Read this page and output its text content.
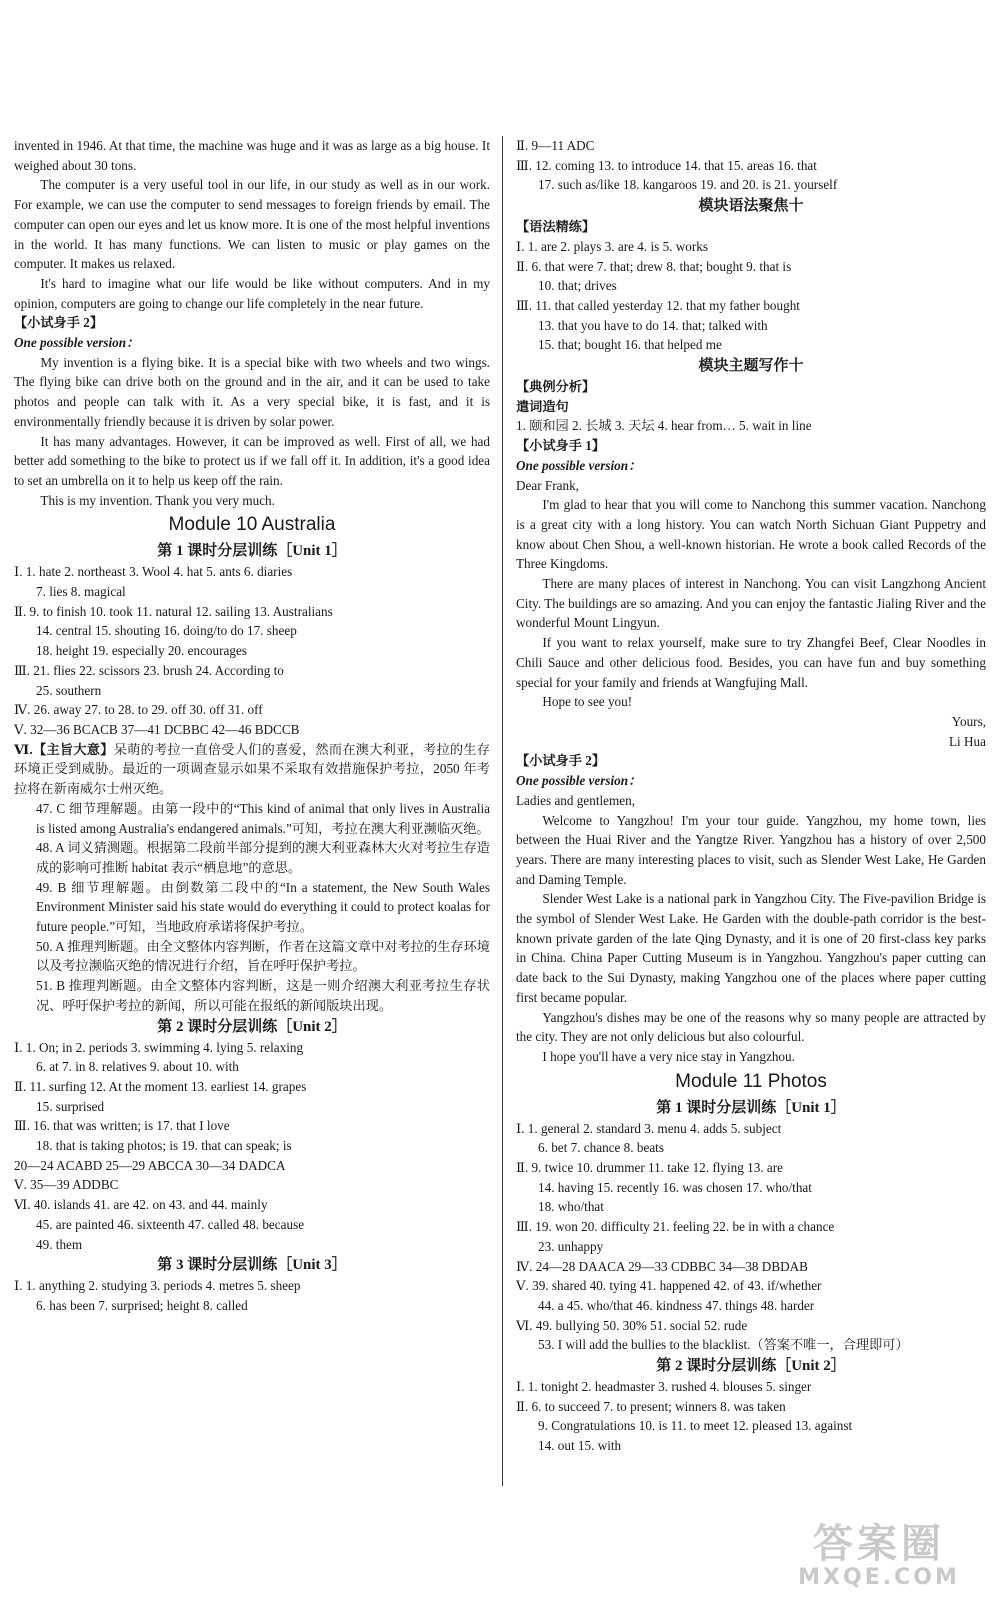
invented in 1946. At that time, the machine was huge and it was as large as a big house. It weighed about 30 tons.

The computer is a very useful tool in our life, in our study as well as in our work. For example, we can use the computer to send messages to foreign friends by email. The computer can open our eyes and let us know more. It is one of the most helpful inventions in the world. It has many functions. We can listen to music or play games on the computer. It makes us relaxed.

It's hard to imagine what our life would be like without computers. And in my opinion, computers are going to change our life completely in the near future.

【小试身手 2】
One possible version：

My invention is a flying bike. It is a special bike with two wheels and two wings. The flying bike can drive both on the ground and in the air, and it can be used to take photos and people can talk with it. As a very special bike, it is fast, and it is environmentally friendly because it is driven by solar power.

It has many advantages. However, it can be improved as well. First of all, we had better add something to the bike to protect us if we fall off it. In addition, it's a good idea to set an umbrella on it to help us keep off the rain.

This is my invention. Thank you very much.

Module 10 Australia
第 1 课时分层训练［Unit 1］
Ⅰ. 1. hate 2. northeast 3. Wool 4. hat 5. ants 6. diaries
7. lies 8. magical
Ⅱ. 9. to finish 10. took 11. natural 12. sailing 13. Australians
14. central 15. shouting 16. doing/to do 17. sheep
18. height 19. especially 20. encourages
Ⅲ. 21. flies 22. scissors 23. brush 24. According to
25. southern
Ⅳ. 26. away 27. to 28. to 29. off 30. off 31. off
Ⅴ. 32—36 BCACB 37—41 DCBBC 42—46 BDCCB

Ⅵ.【主旨大意】呆萌的考拉一直倍受人们的喜爱，然而在澳大利亚，考拉的生存环境正受到威胁。最近的一项调查显示如果不采取有效措施保护考拉，2050 年考拉将在新南威尔士州灭绝。

47. C 细节理解题。由第一段中的“This kind of animal that only lives in Australia is listed among Australia's endangered animals.”可知，考拉在澳大利亚濒临灭绝。

48. A 词义猜测题。根据第二段前半部分提到的澳大利亚森林大火对考拉生存造成的影响可推断 habitat 表示“栖息地”的意思。

49. B 细节理解题。由倒数第二段中的“In a statement, the New South Wales Environment Minister said his state would do everything it could to protect koalas for future people.”可知，当地政府承诺将保护考拉。

50. A 推理判断题。由全文整体内容判断，作者在这篇文章中对考拉的生存环境以及考拉濒临灭绝的情况进行介绍，旨在呼吁保护考拉。

51. B 推理判断题。由全文整体内容判断，这是一则介绍澳大利亚考拉生存状况、呼吁保护考拉的新闻，所以可能在报纸的新闻版块出现。

第 2 课时分层训练［Unit 2］
Ⅰ. 1. On; in 2. periods 3. swimming 4. lying 5. relaxing
6. at 7. in 8. relatives 9. about 10. with
Ⅱ. 11. surfing 12. At the moment 13. earliest 14. grapes
15. surprised
Ⅲ. 16. that was written; is 17. that I love
18. that is taking photos; is 19. that can speak; is
20—24 ACABD 25—29 ABCCA 30—34 DADCA
Ⅴ. 35—39 ADDBC
Ⅵ. 40. islands 41. are 42. on 43. and 44. mainly
45. are painted 46. sixteenth 47. called 48. because
49. them
第 3 课时分层训练［Unit 3］
Ⅰ. 1. anything 2. studying 3. periods 4. metres 5. sheep
6. has been 7. surprised; height 8. called
Ⅱ. 9—11 ADC
Ⅲ. 12. coming 13. to introduce 14. that 15. areas 16. that
17. such as/like 18. kangaroos 19. and 20. is 21. yourself
模块语法聚焦十
【语法精练】
Ⅰ. 1. are 2. plays 3. are 4. is 5. works
Ⅱ. 6. that were 7. that; drew 8. that; bought 9. that is
10. that; drives
Ⅲ. 11. that called yesterday 12. that my father bought
13. that you have to do 14. that; talked with
15. that; bought 16. that helped me
模块主题写作十
【典例分析】
遣词造句
1. 颐和园 2. 长城 3. 天坛 4. hear from… 5. wait in line
【小试身手 1】
One possible version：
Dear Frank,

I'm glad to hear that you will come to Nanchong this summer vacation. Nanchong is a great city with a long history. You can watch North Sichuan Giant Puppetry and know about Chen Shou, a well-known historian. He wrote a book called Records of the Three Kingdoms.

There are many places of interest in Nanchong. You can visit Langzhong Ancient City. The buildings are so amazing. And you can enjoy the fantastic Jialing River and the wonderful Mount Lingyun.

If you want to relax yourself, make sure to try Zhangfei Beef, Clear Noodles in Chili Sauce and other delicious food. Besides, you can have fun and buy something special for your family and friends at Wangfujing Mall.

Hope to see you!

Yours,
Li Hua
【小试身手 2】
One possible version：
Ladies and gentlemen,

Welcome to Yangzhou! I'm your tour guide. Yangzhou, my home town, lies between the Huai River and the Yangtze River. Yangzhou has a history of over 2,500 years. There are many interesting places to visit, such as Slender West Lake, He Garden and Daming Temple.

Slender West Lake is a national park in Yangzhou City. The Five-pavilion Bridge is the symbol of Slender West Lake. He Garden with the double-path corridor is the best-known private garden of the late Qing Dynasty, and it is one of 20 first-class key parks in China. China Paper Cutting Museum is in Yangzhou. Yangzhou's paper cutting can date back to the Sui Dynasty, making Yangzhou one of the places where paper cutting first became popular.

Yangzhou's dishes may be one of the reasons why so many people are attracted by the city. They are not only delicious but also colourful.

I hope you'll have a very nice stay in Yangzhou.

Module 11 Photos
第 1 课时分层训练［Unit 1］
Ⅰ. 1. general 2. standard 3. menu 4. adds 5. subject
6. bet 7. chance 8. beats
Ⅱ. 9. twice 10. drummer 11. take 12. flying 13. are
14. having 15. recently 16. was chosen 17. who/that
18. who/that
Ⅲ. 19. won 20. difficulty 21. feeling 22. be in with a chance
23. unhappy
Ⅳ. 24—28 DAACA 29—33 CDBBC 34—38 DBDAB
Ⅴ. 39. shared 40. tying 41. happened 42. of 43. if/whether
44. a 45. who/that 46. kindness 47. things 48. harder
Ⅵ. 49. bullying 50. 30% 51. social 52. rude
53. I will add the bullies to the blacklist.（答案不唯一，合理即可）
第 2 课时分层训练［Unit 2］
Ⅰ. 1. tonight 2. headmaster 3. rushed 4. blouses 5. singer
Ⅱ. 6. to succeed 7. to present; winners 8. was taken
9. Congratulations 10. is 11. to meet 12. pleased 13. against
14. out 15. with
答案圈
MXQE.COM
